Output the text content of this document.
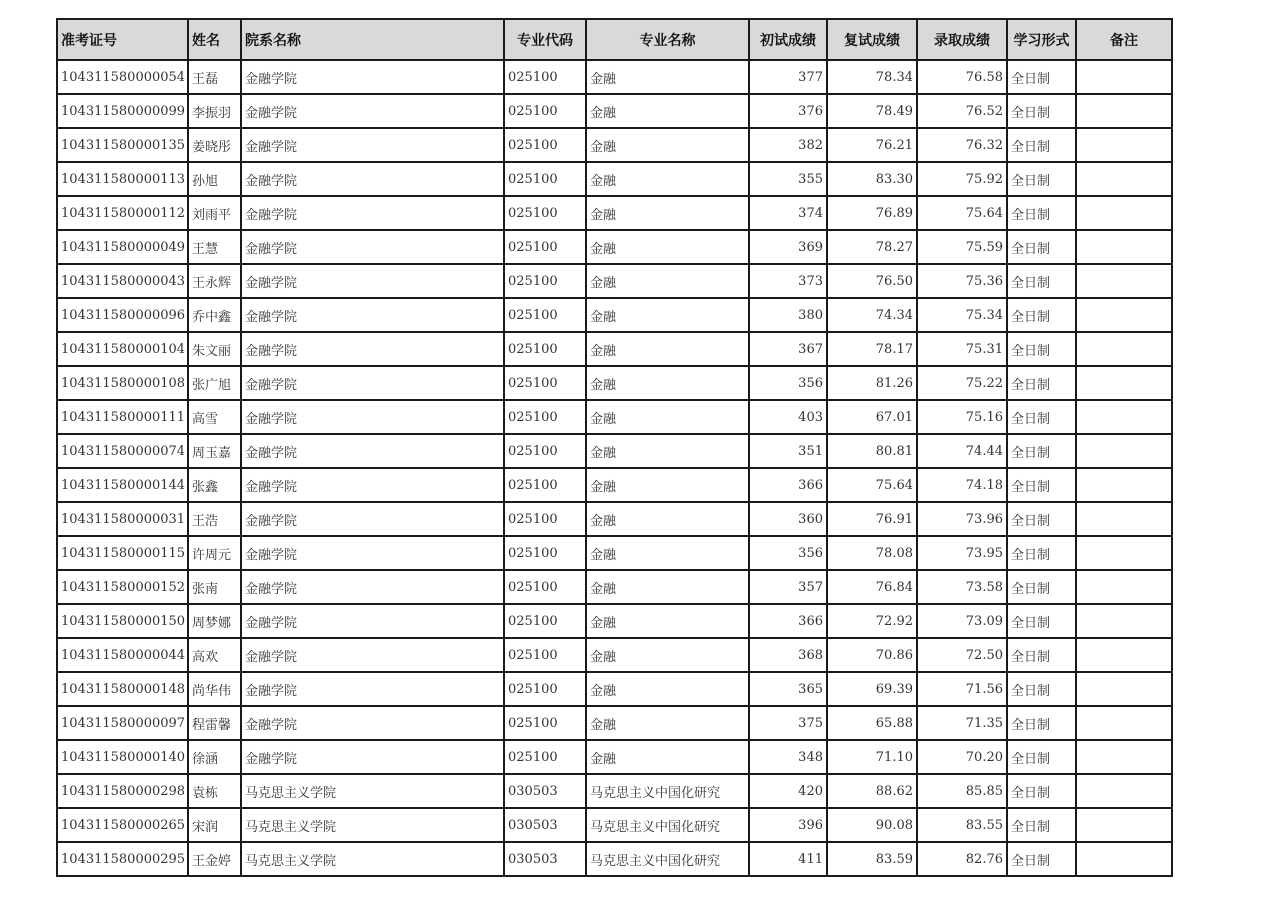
准考证号	姓名	院系名称	专业代码	专业名称	初试成绩	复试成绩	录取成绩	学习形式	备注
104311580000054	王磊	金融学院	025100	金融	377	78.34	76.58	全日制	
104311580000099	李振羽	金融学院	025100	金融	376	78.49	76.52	全日制	
104311580000135	姜晓彤	金融学院	025100	金融	382	76.21	76.32	全日制	
104311580000113	孙旭	金融学院	025100	金融	355	83.30	75.92	全日制	
104311580000112	刘雨平	金融学院	025100	金融	374	76.89	75.64	全日制	
104311580000049	王慧	金融学院	025100	金融	369	78.27	75.59	全日制	
104311580000043	王永辉	金融学院	025100	金融	373	76.50	75.36	全日制	
104311580000096	乔中鑫	金融学院	025100	金融	380	74.34	75.34	全日制	
104311580000104	朱文丽	金融学院	025100	金融	367	78.17	75.31	全日制	
104311580000108	张广旭	金融学院	025100	金融	356	81.26	75.22	全日制	
104311580000111	高雪	金融学院	025100	金融	403	67.01	75.16	全日制	
104311580000074	周玉嘉	金融学院	025100	金融	351	80.81	74.44	全日制	
104311580000144	张鑫	金融学院	025100	金融	366	75.64	74.18	全日制	
104311580000031	王浩	金融学院	025100	金融	360	76.91	73.96	全日制	
104311580000115	许周元	金融学院	025100	金融	356	78.08	73.95	全日制	
104311580000152	张南	金融学院	025100	金融	357	76.84	73.58	全日制	
104311580000150	周梦娜	金融学院	025100	金融	366	72.92	73.09	全日制	
104311580000044	高欢	金融学院	025100	金融	368	70.86	72.50	全日制	
104311580000148	尚华伟	金融学院	025100	金融	365	69.39	71.56	全日制	
104311580000097	程雷馨	金融学院	025100	金融	375	65.88	71.35	全日制	
104311580000140	徐涵	金融学院	025100	金融	348	71.10	70.20	全日制	
104311580000298	袁栋	马克思主义学院	030503	马克思主义中国化研究	420	88.62	85.85	全日制	
104311580000265	宋润	马克思主义学院	030503	马克思主义中国化研究	396	90.08	83.55	全日制	
104311580000295	王金婷	马克思主义学院	030503	马克思主义中国化研究	411	83.59	82.76	全日制	
